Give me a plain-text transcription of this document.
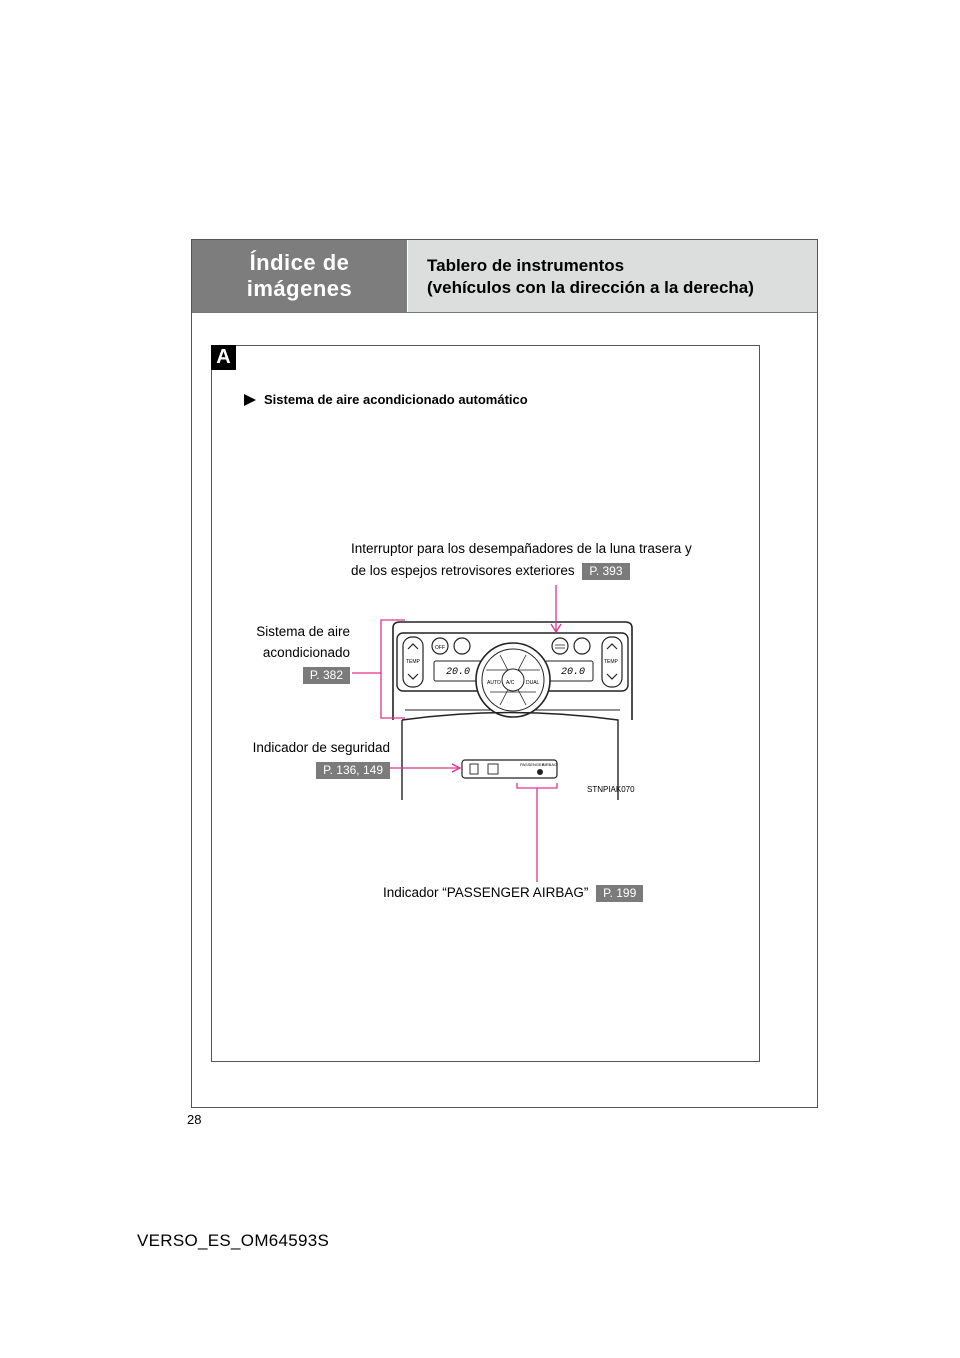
Índice de
imágenes
Tablero de instrumentos
(vehículos con la dirección a la derecha)
A
Sistema de aire acondicionado automático
Interruptor para los desempañadores de la luna trasera y
de los espejos retrovisores exteriores P. 393
Sistema de aire
acondicionado
P. 382
Indicador de seguridad
P. 136, 149
Indicador “PASSENGER AIRBAG” P. 199
TEMP	TEMP
OFF
20.0	20.0
AUTO A/C DUAL
PASSENGER
AIRBAG
STNPIAK070
28
VERSO_ES_OM64593S
